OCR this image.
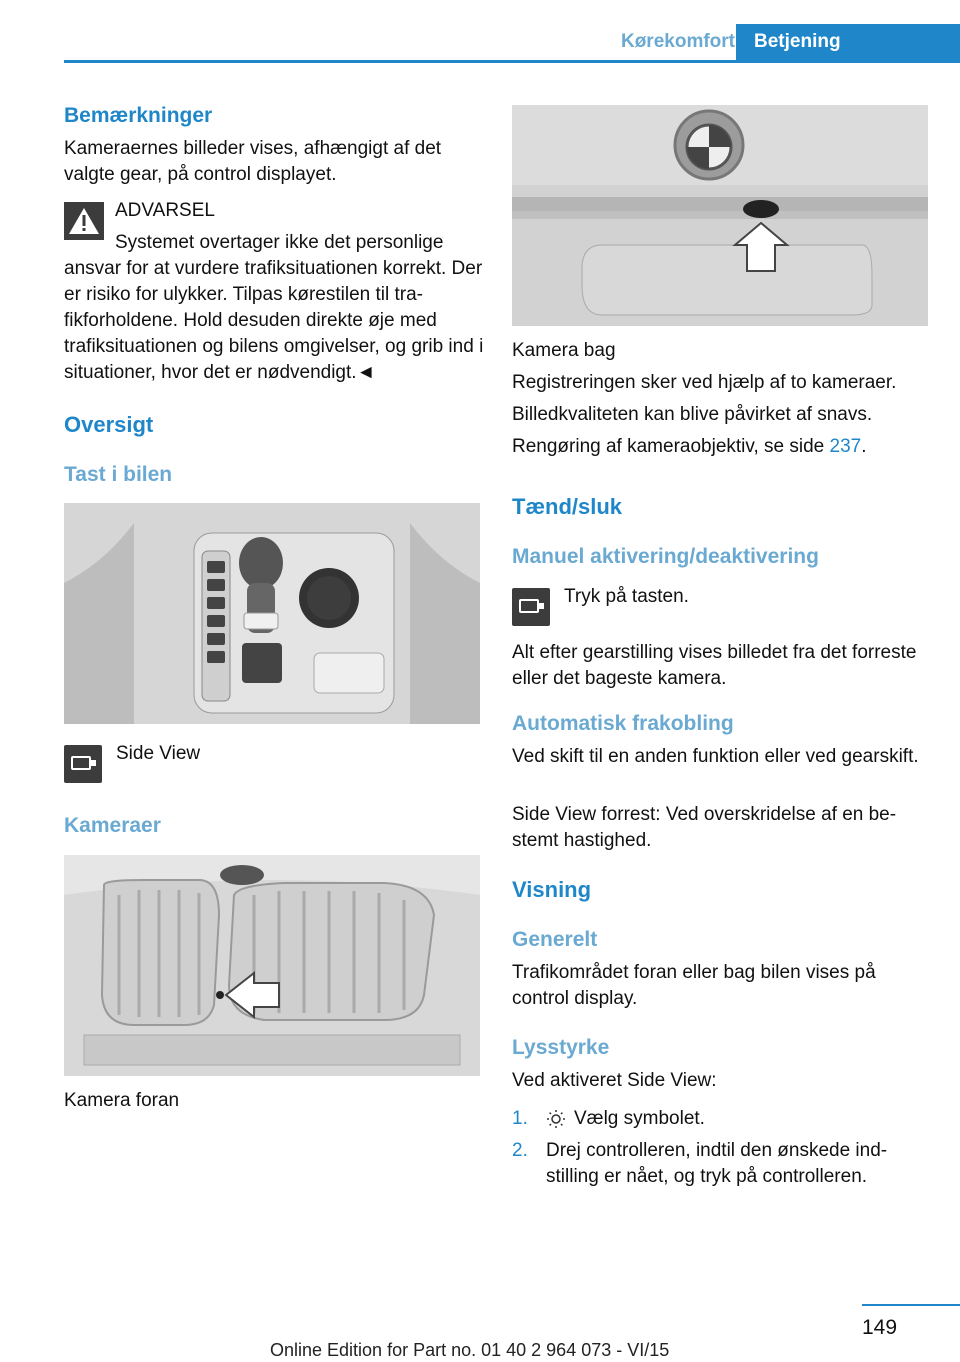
Kørekomfort	Betjening
Bemærkninger

Kameraernes billeder vises, afhængigt af det valgte gear, på control displayet.

ADVARSEL

Systemet overtager ikke det personlige ansvar for at vurdere trafiksituationen korrekt. Der er risiko for ulykker. Tilpas kørestilen til trafikforholdene. Hold desuden direkte øje med trafiksituationen og bilens omgivelser, og grib ind i situationer, hvor det er nødvendigt.◄

Oversigt
Tast i bilen
Side View
Kameraer
Kamera foran
Kamera bag

Registreringen sker ved hjælp af to kameraer.

Billedkvaliteten kan blive påvirket af snavs.

Rengøring af kameraobjektiv, se side 237.

Tænd/sluk
Manuel aktivering/deaktivering
Tryk på tasten.

Alt efter gearstilling vises billedet fra det forreste eller det bageste kamera.

Automatisk frakobling

Ved skift til en anden funktion eller ved gearskift.

Side View forrest: Ved overskridelse af en bestemt hastighed.

Visning
Generelt

Trafikområdet foran eller bag bilen vises på control display.

Lysstyrke

Ved aktiveret Side View:

1. Vælg symbolet.
2. Drej controlleren, indtil den ønskede indstilling er nået, og tryk på controlleren.
149
Online Edition for Part no. 01 40 2 964 073 - VI/15
